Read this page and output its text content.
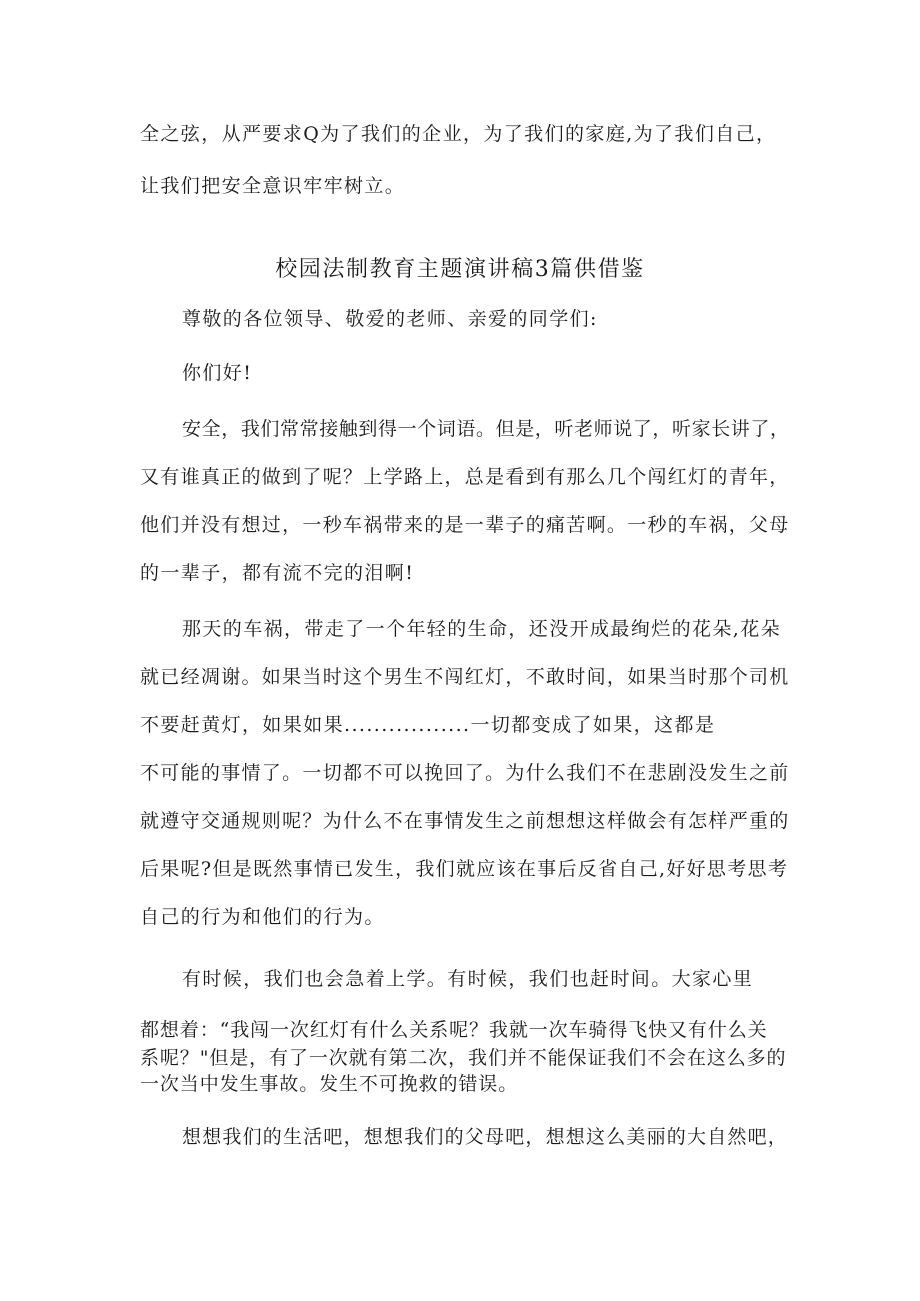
全之弦，从严要求Q为了我们的企业，为了我们的家庭,为了我们自己，
让我们把安全意识牢牢树立。
校园法制教育主题演讲稿3篇供借鉴
尊敬的各位领导、敬爱的老师、亲爱的同学们:
你们好!
安全，我们常常接触到得一个词语。但是，听老师说了，听家长讲了，
又有谁真正的做到了呢？上学路上，总是看到有那么几个闯红灯的青年，
他们并没有想过，一秒车祸带来的是一辈子的痛苦啊。一秒的车祸，父母
的一辈子，都有流不完的泪啊!
那天的车祸，带走了一个年轻的生命，还没开成最绚烂的花朵,花朵
就已经凋谢。如果当时这个男生不闯红灯，不敢时间，如果当时那个司机
不要赶黄灯，如果如果.................一切都变成了如果，这都是
不可能的事情了。一切都不可以挽回了。为什么我们不在悲剧没发生之前
就遵守交通规则呢？为什么不在事情发生之前想想这样做会有怎样严重的
后果呢?但是既然事情已发生，我们就应该在事后反省自己,好好思考思考
自己的行为和他们的行为。
有时候，我们也会急着上学。有时候，我们也赶时间。大家心里
都想着：“我闯一次红灯有什么关系呢？我就一次车骑得飞快又有什么关
系呢？"但是，有了一次就有第二次，我们并不能保证我们不会在这么多的
一次当中发生事故。发生不可挽救的错误。
想想我们的生活吧，想想我们的父母吧，想想这么美丽的大自然吧，
